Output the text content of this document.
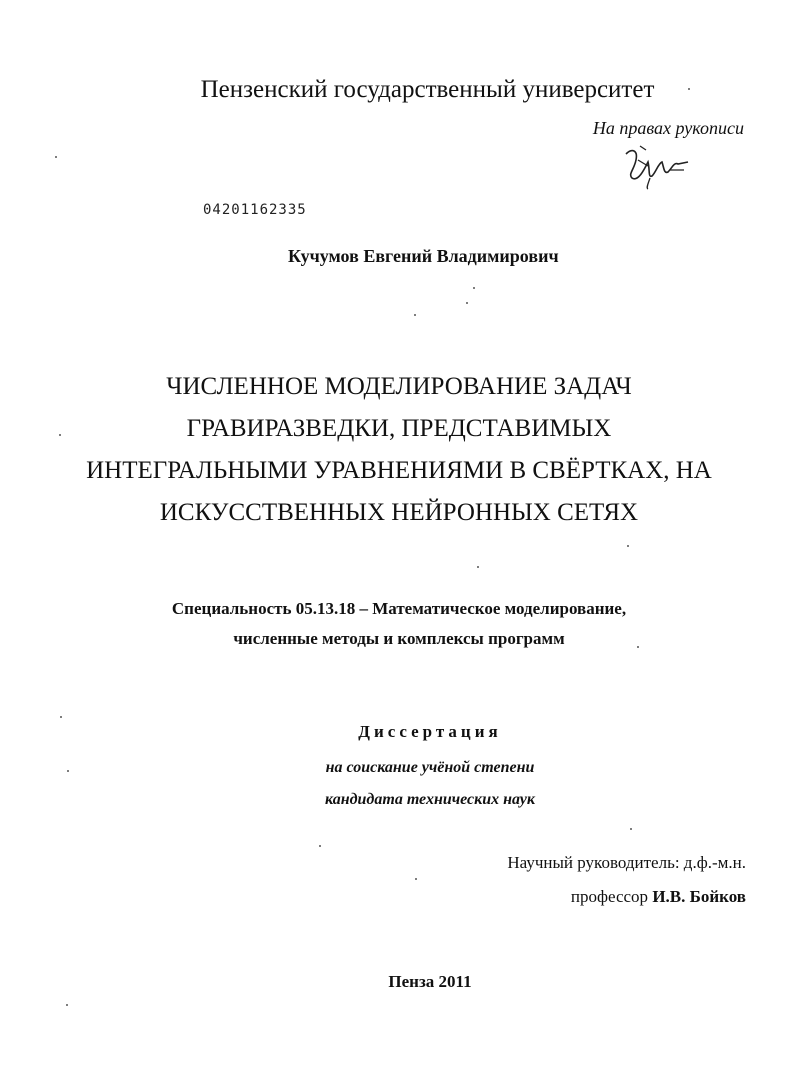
Пензенский государственный университет
На правах рукописи
04201162335
Кучумов Евгений Владимирович
ЧИСЛЕННОЕ МОДЕЛИРОВАНИЕ ЗАДАЧ
ГРАВИРАЗВЕДКИ, ПРЕДСТАВИМЫХ
ИНТЕГРАЛЬНЫМИ УРАВНЕНИЯМИ В СВЁРТКАХ, НА
ИСКУССТВЕННЫХ НЕЙРОННЫХ СЕТЯХ
Специальность 05.13.18 – Математическое моделирование,
численные методы и комплексы программ
Диссертация
на соискание учёной степени
кандидата технических наук
Научный руководитель: д.ф.-м.н.
профессор И.В. Бойков
Пенза 2011
